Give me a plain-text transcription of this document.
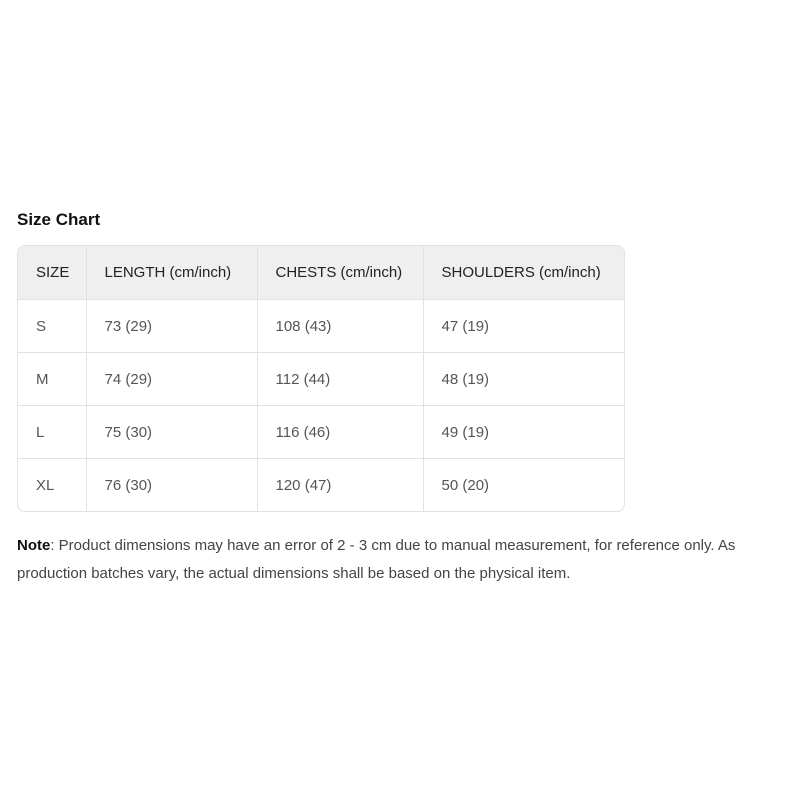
Size Chart
SIZE	LENGTH (cm/inch)	CHESTS (cm/inch)	SHOULDERS (cm/inch)
S	73 (29)	108 (43)	47 (19)
M	74 (29)	112 (44)	48 (19)
L	75 (30)	116 (46)	49 (19)
XL	76 (30)	120 (47)	50 (20)

Note: Product dimensions may have an error of 2 - 3 cm due to manual measurement, for reference only. As production batches vary, the actual dimensions shall be based on the physical item.
